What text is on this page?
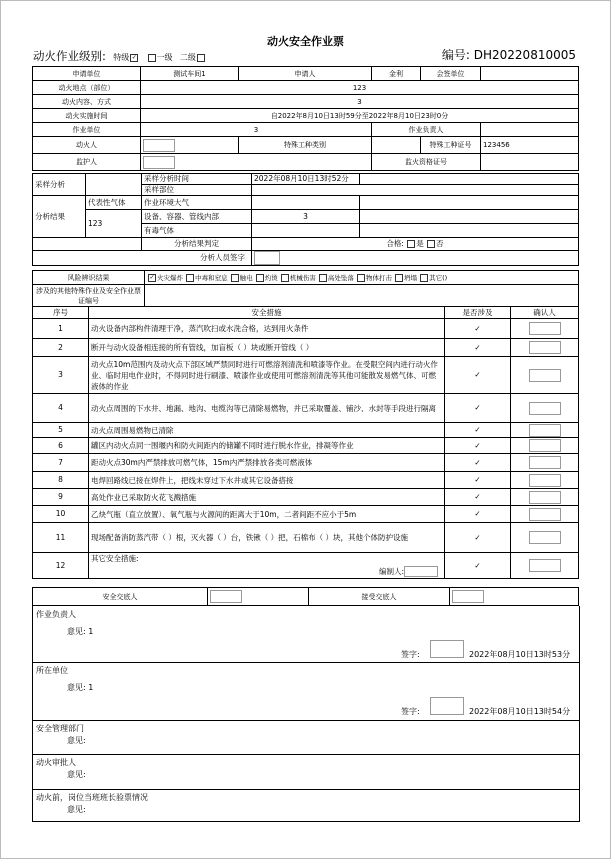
动火安全作业票
动火作业级别: 特级 ✓ 一级 二级	编号: DH20220810005
申请单位	测试车间1	申请人	金利	会签单位	
动火地点（部位）	123				
动火内容、方式	3				
动火实施时间	自2022年8月10日13时59分至2022年8月10日23时0分				
作业单位	3		作业负责人		
动火人		特殊工种类别		特殊工种证号	123456
监护人			监火资格证号		
采样分析		采样分析时间	2022年08月10日13时52分	
		采样部位		
分析结果	代表性气体	作业环境大气		
	123	设备、容器、管线内部	3	
		有毒气体		
		分析结果判定	合格: 是 否	
分析人员签字				
风险辨识结果	✓ 火灾爆炸 中毒和窒息 触电 灼烫 机械伤害 高处坠落 物体打击 坍塌 其它()
涉及的其他特殊作业及安全作业票证编号	
序号	安全措施	是否涉及	确认人
1	动火设备内部构件清理干净，蒸汽吹扫或水洗合格，达到用火条件	✓	
2	断开与动火设备相连接的所有管线，加盲板（ ）块或断开管线（ ）	✓	
3	动火点10m范围内及动火点下部区域严禁同时进行可燃溶剂清洗和喷漆等作业。在受限空间内进行动火作业、临时用电作业时，不得同时进行刷漆、喷漆作业或使用可燃溶剂清洗等其他可能散发易燃气体、可燃液体的作业	✓	
4	动火点周围的下水井、地漏、地沟、电缆沟等已清除易燃物，并已采取覆盖、铺沙、水封等手段进行隔离	✓	
5	动火点周围易燃物已清除	✓	
6	罐区内动火点同一围堰内和防火间距内的储罐不同时进行脱水作业，排凝等作业	✓	
7	距动火点30m内严禁排放可燃气体，15m内严禁排放各类可燃液体	✓	
8	电焊回路线已接在焊件上，把线未穿过下水井或其它设备搭接	✓	
9	高处作业已采取防火花飞溅措施	✓	
10	乙炔气瓶（直立放置）、氧气瓶与火源间的距离大于10m，二者间距不应小于5m	✓	
11	现场配备消防蒸汽带（ ）根，灭火器（ ）台，铁锹（ ）把，石棉布（ ）块，其他个体防护设施	✓	
12	其它安全措施:
编制人:	✓	
安全交底人		接受交底人	
作业负责人
意见: 1
签字:	2022年08月10日13时53分
所在单位
意见: 1
签字:	2022年08月10日13时54分
安全管理部门
意见:
动火审批人
意见:
动火前，岗位当班班长验票情况
意见:
